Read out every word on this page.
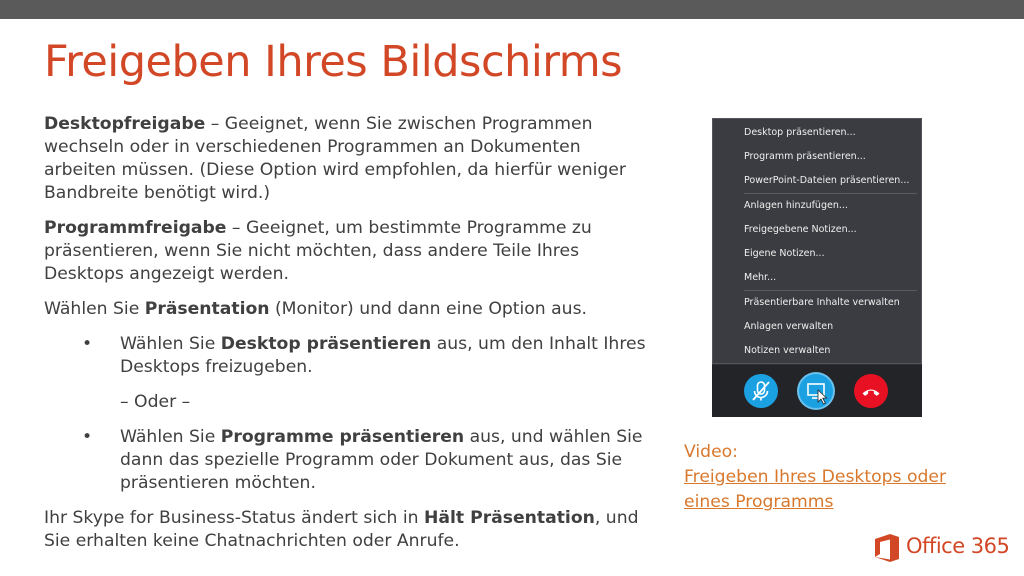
Freigeben Ihres Bildschirms

Desktopfreigabe – Geeignet, wenn Sie zwischen Programmen wechseln oder in verschiedenen Programmen an Dokumenten arbeiten müssen. (Diese Option wird empfohlen, da hierfür weniger Bandbreite benötigt wird.)

Programmfreigabe – Geeignet, um bestimmte Programme zu präsentieren, wenn Sie nicht möchten, dass andere Teile Ihres Desktops angezeigt werden.

Wählen Sie Präsentation (Monitor) und dann eine Option aus.

• Wählen Sie Desktop präsentieren aus, um den Inhalt Ihres Desktops freizugeben.
– Oder –
• Wählen Sie Programme präsentieren aus, und wählen Sie dann das spezielle Programm oder Dokument aus, das Sie präsentieren möchten.

Ihr Skype for Business-Status ändert sich in Hält Präsentation, und Sie erhalten keine Chatnachrichten oder Anrufe.

Desktop präsentieren...
Programm präsentieren...
PowerPoint-Dateien präsentieren...
Anlagen hinzufügen...
Freigegebene Notizen...
Eigene Notizen...
Mehr...
Präsentierbare Inhalte verwalten
Anlagen verwalten
Notizen verwalten
Video:
Freigeben Ihres Desktops oder
eines Programms
Office 365
